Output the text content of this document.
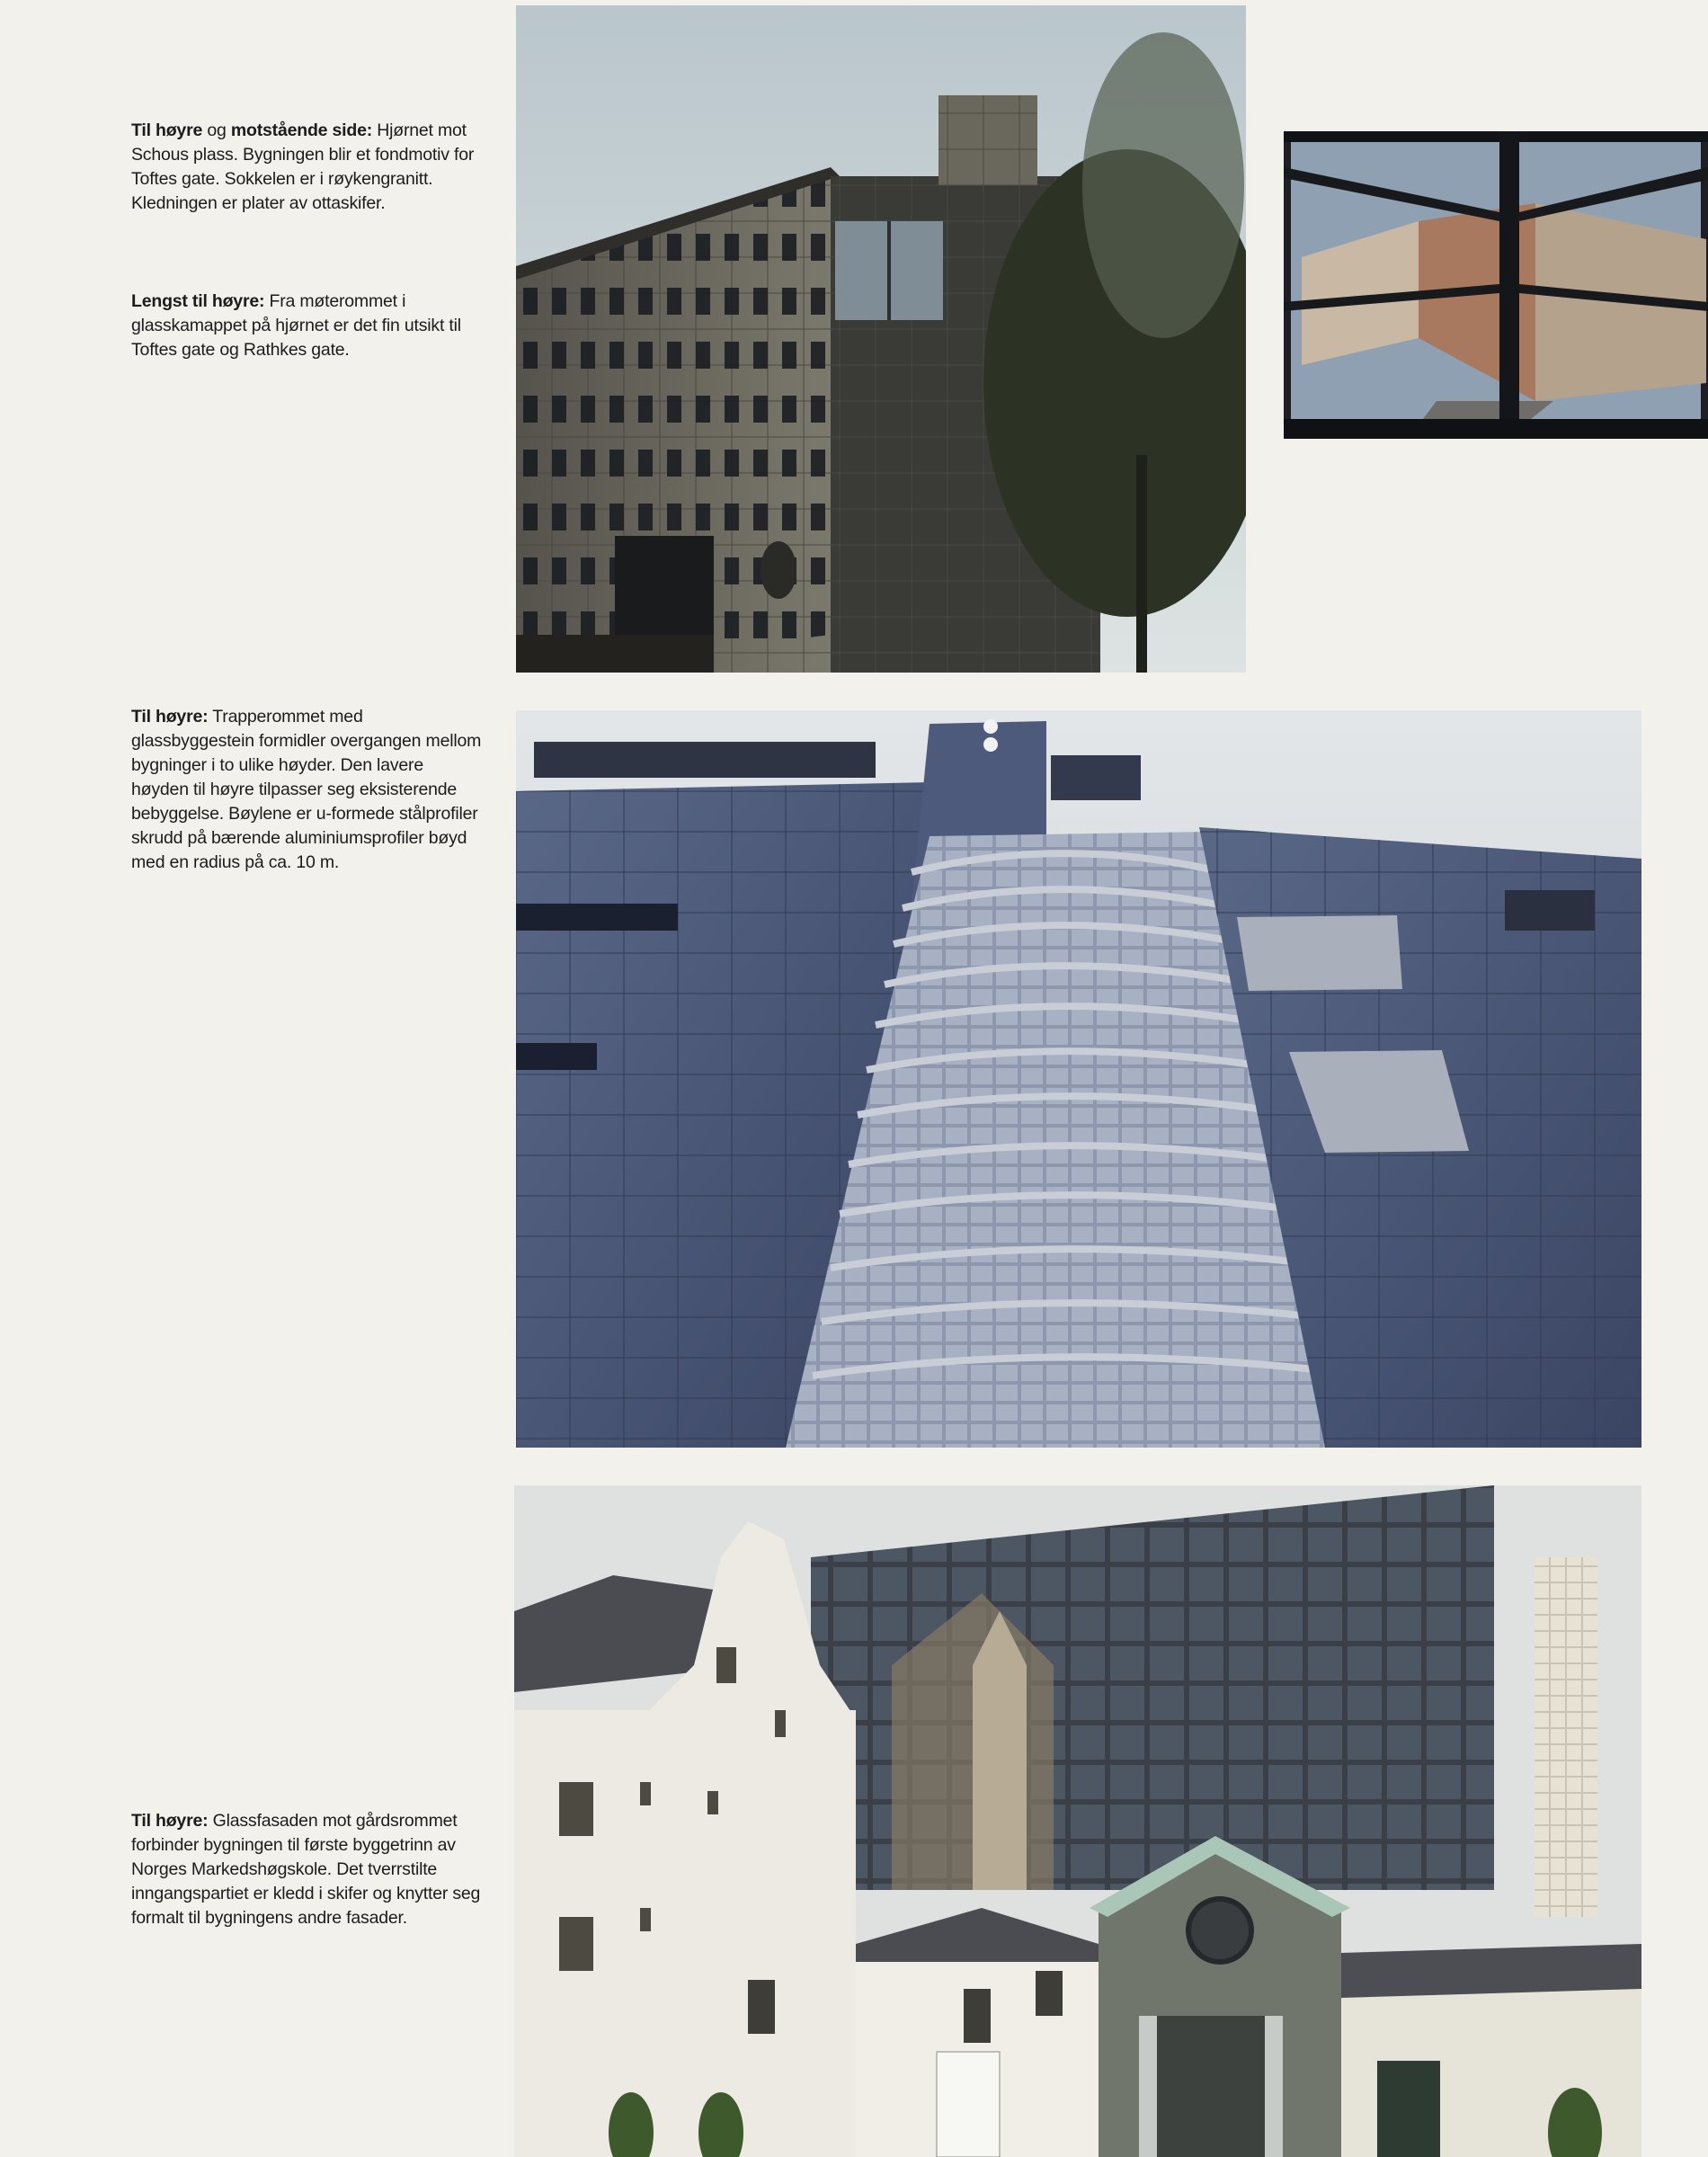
Til høyre og motstående side: Hjørnet mot Schous plass. Bygningen blir et fondmotiv for Toftes gate. Sokkelen er i røykengranitt. Kledningen er plater av ottaskifer.
Lengst til høyre: Fra møterommet i glasskamappet på hjørnet er det fin utsikt til Toftes gate og Rathkes gate.
Til høyre: Trapperommet med glassbyggestein formidler overgangen mellom bygninger i to ulike høyder. Den lavere høyden til høyre tilpasser seg eksisterende bebyggelse. Bøylene er u-formede stålprofiler skrudd på bærende aluminiumsprofiler bøyd med en radius på ca. 10 m.
Til høyre: Glassfasaden mot gårdsrommet forbinder bygningen til første byggetrinn av Norges Markedshøgskole. Det tverrstilte inngangspartiet er kledd i skifer og knytter seg formalt til bygningens andre fasader.
